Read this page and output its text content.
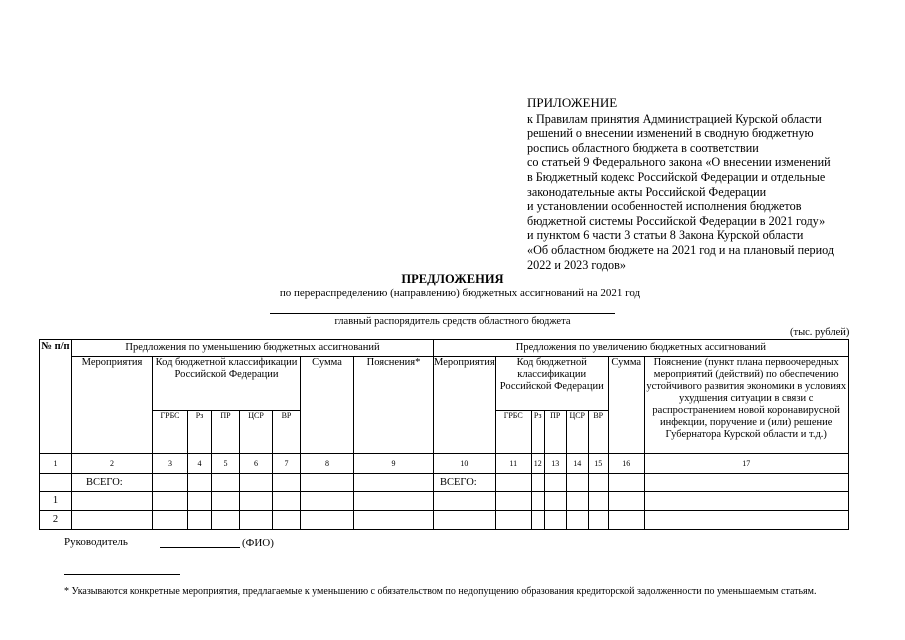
ПРИЛОЖЕНИЕ
к Правилам принятия Администрацией Курской области
решений о внесении изменений в сводную бюджетную
роспись областного бюджета в соответствии
со статьей 9 Федерального закона «О внесении изменений
в Бюджетный кодекс Российской Федерации и отдельные
законодательные акты Российской Федерации
и установлении особенностей исполнения бюджетов
бюджетной системы Российской Федерации в 2021 году»
и пунктом 6 части 3 статьи 8 Закона Курской области
«Об областном бюджете на 2021 год и на плановый период
2022 и 2023 годов»
ПРЕДЛОЖЕНИЯ
по перераспределению (направлению) бюджетных ассигнований на 2021 год
главный распорядитель средств областного бюджета
(тыс. рублей)
№ п/п	Предложения по уменьшению бюджетных ассигнований								Предложения по увеличению бюджетных ассигнований							
	Мероприятия	Код бюджетной классификации Российской Федерации					Сумма	Пояснения*	Мероприятия	Код бюджетной классификации Российской Федерации					Сумма	Пояснение (пункт плана первоочередных мероприятий (действий) по обеспечению устойчивого развития экономики в условиях ухудшения ситуации в связи с распространением новой коронавирусной инфекции, поручение и (или) решение Губернатора Курской области и т.д.)
		ГРБС	Рз	ПР	ЦСР	ВР				ГРБС	Рз	ПР	ЦСР	ВР		
1	2	3	4	5	6	7	8	9	10	11	12	13	14	15	16	17
	ВСЕГО:								ВСЕГО:							
1																
2																
Руководитель	(ФИО)
* Указываются конкретные мероприятия, предлагаемые к уменьшению с обязательством по недопущению образования кредиторской задолженности по уменьшаемым статьям.
